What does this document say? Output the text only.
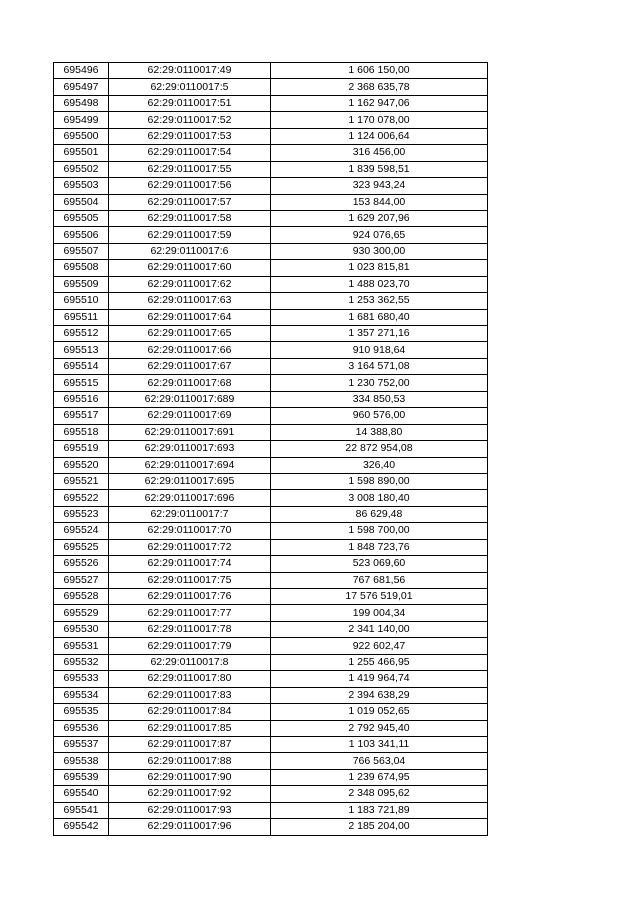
695496	62:29:0110017:49	1 606 150,00
695497	62:29:0110017:5	2 368 635,78
695498	62:29:0110017:51	1 162 947,06
695499	62:29:0110017:52	1 170 078,00
695500	62:29:0110017:53	1 124 006,64
695501	62:29:0110017:54	316 456,00
695502	62:29:0110017:55	1 839 598,51
695503	62:29:0110017:56	323 943,24
695504	62:29:0110017:57	153 844,00
695505	62:29:0110017:58	1 629 207,96
695506	62:29:0110017:59	924 076,65
695507	62:29:0110017:6	930 300,00
695508	62:29:0110017:60	1 023 815,81
695509	62:29:0110017:62	1 488 023,70
695510	62:29:0110017:63	1 253 362,55
695511	62:29:0110017:64	1 681 680,40
695512	62:29:0110017:65	1 357 271,16
695513	62:29:0110017:66	910 918,64
695514	62:29:0110017:67	3 164 571,08
695515	62:29:0110017:68	1 230 752,00
695516	62:29:0110017:689	334 850,53
695517	62:29:0110017:69	960 576,00
695518	62:29:0110017:691	14 388,80
695519	62:29:0110017:693	22 872 954,08
695520	62:29:0110017:694	326,40
695521	62:29:0110017:695	1 598 890,00
695522	62:29:0110017:696	3 008 180,40
695523	62:29:0110017:7	86 629,48
695524	62:29:0110017:70	1 598 700,00
695525	62:29:0110017:72	1 848 723,76
695526	62:29:0110017:74	523 069,60
695527	62:29:0110017:75	767 681,56
695528	62:29:0110017:76	17 576 519,01
695529	62:29:0110017:77	199 004,34
695530	62:29:0110017:78	2 341 140,00
695531	62:29:0110017:79	922 602,47
695532	62:29:0110017:8	1 255 466,95
695533	62:29:0110017:80	1 419 964,74
695534	62:29:0110017:83	2 394 638,29
695535	62:29:0110017:84	1 019 052,65
695536	62:29:0110017:85	2 792 945,40
695537	62:29:0110017:87	1 103 341,11
695538	62:29:0110017:88	766 563,04
695539	62:29:0110017:90	1 239 674,95
695540	62:29:0110017:92	2 348 095,62
695541	62:29:0110017:93	1 183 721,89
695542	62:29:0110017:96	2 185 204,00
